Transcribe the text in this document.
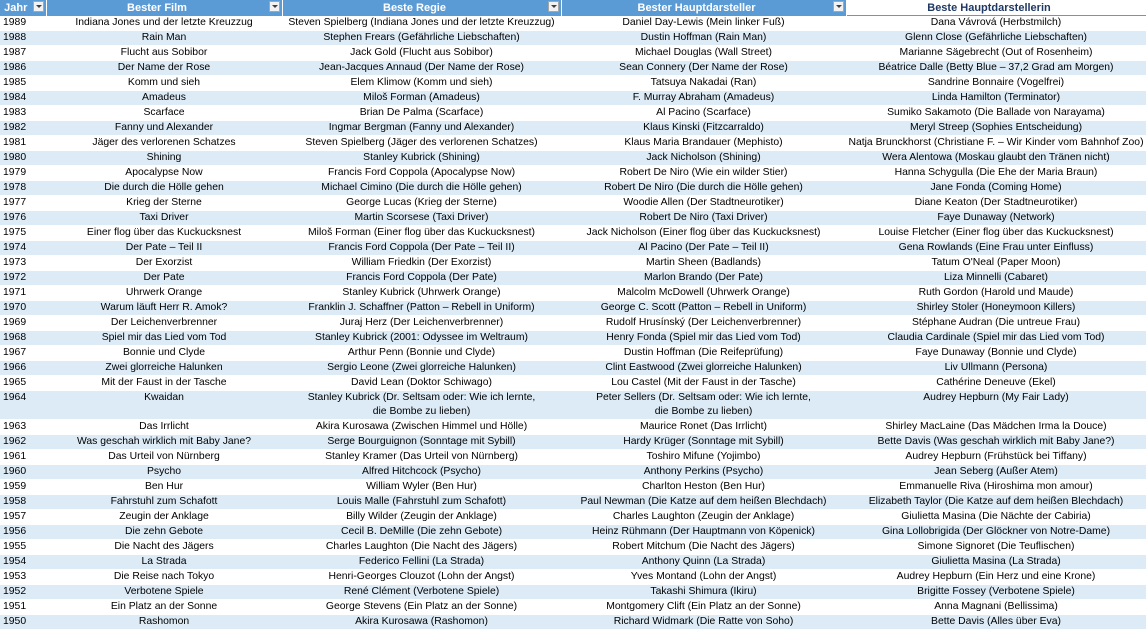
Jahr	Bester Film	Beste Regie	Bester Hauptdarsteller	Beste Hauptdarstellerin
1989	Indiana Jones und der letzte Kreuzzug	Steven Spielberg (Indiana Jones und der letzte Kreuzzug)	Daniel Day-Lewis (Mein linker Fuß)	Dana Vávrová (Herbstmilch)
1988	Rain Man	Stephen Frears (Gefährliche Liebschaften)	Dustin Hoffman (Rain Man)	Glenn Close (Gefährliche Liebschaften)
1987	Flucht aus Sobibor	Jack Gold (Flucht aus Sobibor)	Michael Douglas (Wall Street)	Marianne Sägebrecht (Out of Rosenheim)
1986	Der Name der Rose	Jean-Jacques Annaud (Der Name der Rose)	Sean Connery (Der Name der Rose)	Béatrice Dalle (Betty Blue – 37,2 Grad am Morgen)
1985	Komm und sieh	Elem Klimow (Komm und sieh)	Tatsuya Nakadai (Ran)	Sandrine Bonnaire (Vogelfrei)
1984	Amadeus	Miloš Forman (Amadeus)	F. Murray Abraham (Amadeus)	Linda Hamilton (Terminator)
1983	Scarface	Brian De Palma (Scarface)	Al Pacino (Scarface)	Sumiko Sakamoto (Die Ballade von Narayama)
1982	Fanny und Alexander	Ingmar Bergman (Fanny und Alexander)	Klaus Kinski (Fitzcarraldo)	Meryl Streep (Sophies Entscheidung)
1981	Jäger des verlorenen Schatzes	Steven Spielberg (Jäger des verlorenen Schatzes)	Klaus Maria Brandauer (Mephisto)	Natja Brunckhorst (Christiane F. – Wir Kinder vom Bahnhof Zoo)
1980	Shining	Stanley Kubrick (Shining)	Jack Nicholson (Shining)	Wera Alentowa (Moskau glaubt den Tränen nicht)
1979	Apocalypse Now	Francis Ford Coppola (Apocalypse Now)	Robert De Niro (Wie ein wilder Stier)	Hanna Schygulla (Die Ehe der Maria Braun)
1978	Die durch die Hölle gehen	Michael Cimino (Die durch die Hölle gehen)	Robert De Niro (Die durch die Hölle gehen)	Jane Fonda (Coming Home)
1977	Krieg der Sterne	George Lucas (Krieg der Sterne)	Woodie Allen (Der Stadtneurotiker)	Diane Keaton (Der Stadtneurotiker)
1976	Taxi Driver	Martin Scorsese (Taxi Driver)	Robert De Niro (Taxi Driver)	Faye Dunaway (Network)
1975	Einer flog über das Kuckucksnest	Miloš Forman (Einer flog über das Kuckucksnest)	Jack Nicholson (Einer flog über das Kuckucksnest)	Louise Fletcher (Einer flog über das Kuckucksnest)
1974	Der Pate – Teil II	Francis Ford Coppola (Der Pate – Teil II)	Al Pacino (Der Pate – Teil II)	Gena Rowlands (Eine Frau unter Einfluss)
1973	Der Exorzist	William Friedkin (Der Exorzist)	Martin Sheen (Badlands)	Tatum O'Neal (Paper Moon)
1972	Der Pate	Francis Ford Coppola (Der Pate)	Marlon Brando (Der Pate)	Liza Minnelli (Cabaret)
1971	Uhrwerk Orange	Stanley Kubrick (Uhrwerk Orange)	Malcolm McDowell (Uhrwerk Orange)	Ruth Gordon (Harold und Maude)
1970	Warum läuft Herr R. Amok?	Franklin J. Schaffner (Patton – Rebell in Uniform)	George C. Scott (Patton – Rebell in Uniform)	Shirley Stoler (Honeymoon Killers)
1969	Der Leichenverbrenner	Juraj Herz (Der Leichenverbrenner)	Rudolf Hrusínský (Der Leichenverbrenner)	Stéphane Audran (Die untreue Frau)
1968	Spiel mir das Lied vom Tod	Stanley Kubrick (2001: Odyssee im Weltraum)	Henry Fonda (Spiel mir das Lied vom Tod)	Claudia Cardinale (Spiel mir das Lied vom Tod)
1967	Bonnie und Clyde	Arthur Penn (Bonnie und Clyde)	Dustin Hoffman (Die Reifeprüfung)	Faye Dunaway (Bonnie und Clyde)
1966	Zwei glorreiche Halunken	Sergio Leone (Zwei glorreiche Halunken)	Clint Eastwood (Zwei glorreiche Halunken)	Liv Ullmann (Persona)
1965	Mit der Faust in der Tasche	David Lean (Doktor Schiwago)	Lou Castel (Mit der Faust in der Tasche)	Cathérine Deneuve (Ekel)
1964	Kwaidan	Stanley Kubrick (Dr. Seltsam oder: Wie ich lernte,
die Bombe zu lieben)	Peter Sellers (Dr. Seltsam oder: Wie ich lernte,
die Bombe zu lieben)	Audrey Hepburn (My Fair Lady)
1963	Das Irrlicht	Akira Kurosawa (Zwischen Himmel und Hölle)	Maurice Ronet (Das Irrlicht)	Shirley MacLaine (Das Mädchen Irma la Douce)
1962	Was geschah wirklich mit Baby Jane?	Serge Bourguignon (Sonntage mit Sybill)	Hardy Krüger (Sonntage mit Sybill)	Bette Davis (Was geschah wirklich mit Baby Jane?)
1961	Das Urteil von Nürnberg	Stanley Kramer (Das Urteil von Nürnberg)	Toshiro Mifune (Yojimbo)	Audrey Hepburn (Frühstück bei Tiffany)
1960	Psycho	Alfred Hitchcock (Psycho)	Anthony Perkins (Psycho)	Jean Seberg (Außer Atem)
1959	Ben Hur	William Wyler (Ben Hur)	Charlton Heston (Ben Hur)	Emmanuelle Riva (Hiroshima mon amour)
1958	Fahrstuhl zum Schafott	Louis Malle (Fahrstuhl zum Schafott)	Paul Newman (Die Katze auf dem heißen Blechdach)	Elizabeth Taylor (Die Katze auf dem heißen Blechdach)
1957	Zeugin der Anklage	Billy Wilder (Zeugin der Anklage)	Charles Laughton (Zeugin der Anklage)	Giulietta Masina (Die Nächte der Cabiria)
1956	Die zehn Gebote	Cecil B. DeMille (Die zehn Gebote)	Heinz Rühmann (Der Hauptmann von Köpenick)	Gina Lollobrigida (Der Glöckner von Notre-Dame)
1955	Die Nacht des Jägers	Charles Laughton (Die Nacht des Jägers)	Robert Mitchum (Die Nacht des Jägers)	Simone Signoret (Die Teuflischen)
1954	La Strada	Federico Fellini (La Strada)	Anthony Quinn (La Strada)	Giulietta Masina (La Strada)
1953	Die Reise nach Tokyo	Henri-Georges Clouzot (Lohn der Angst)	Yves Montand (Lohn der Angst)	Audrey Hepburn (Ein Herz und eine Krone)
1952	Verbotene Spiele	René Clément (Verbotene Spiele)	Takashi Shimura (Ikiru)	Brigitte Fossey (Verbotene Spiele)
1951	Ein Platz an der Sonne	George Stevens (Ein Platz an der Sonne)	Montgomery Clift (Ein Platz an der Sonne)	Anna Magnani (Bellissima)
1950	Rashomon	Akira Kurosawa (Rashomon)	Richard Widmark (Die Ratte von Soho)	Bette Davis (Alles über Eva)
